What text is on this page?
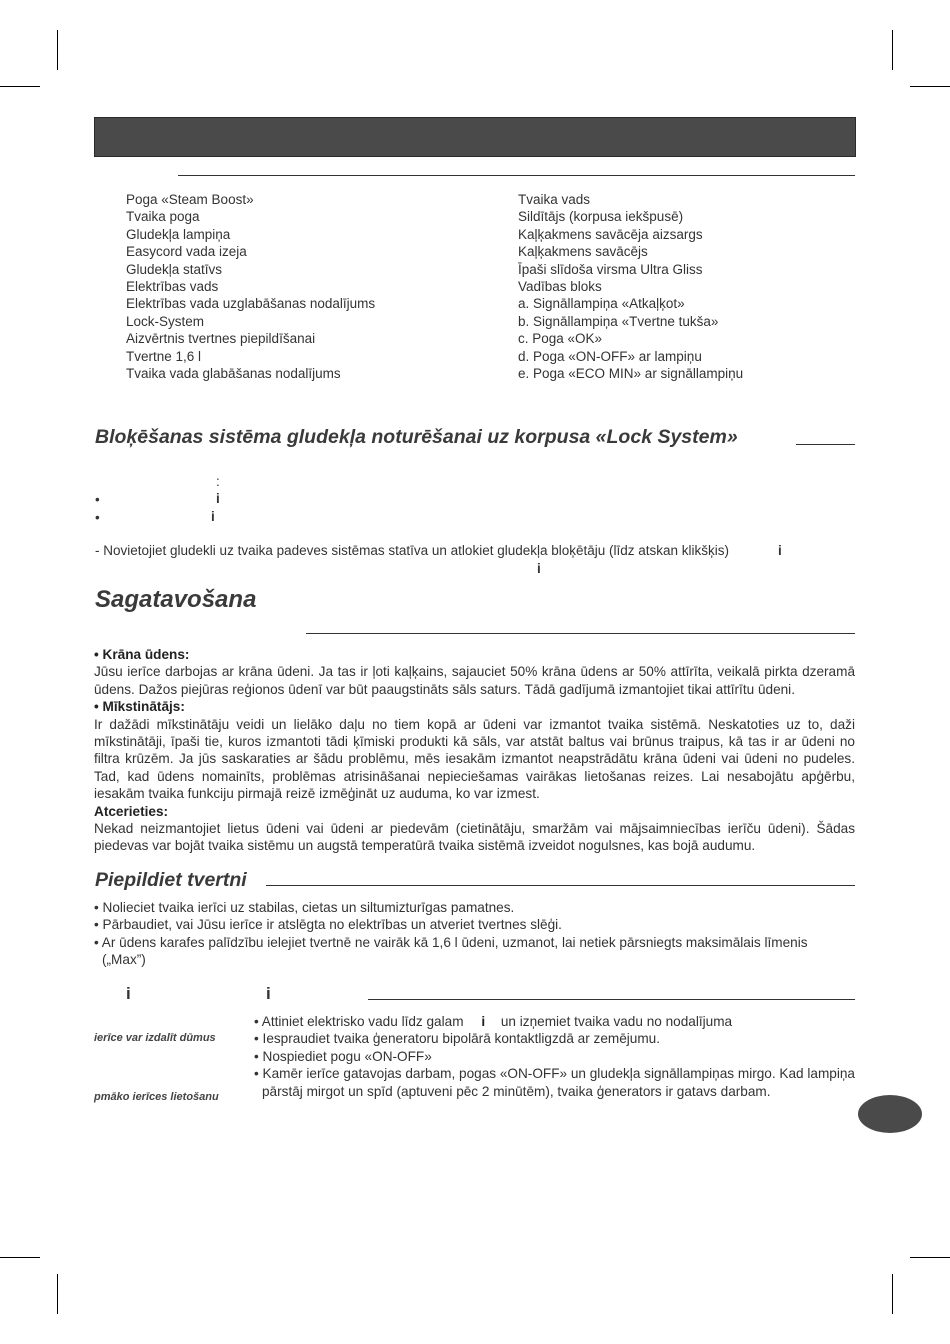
Poga «Steam Boost»
Tvaika poga
Gludekļa lampiņa
Easycord vada izeja
Gludekļa statīvs
Elektrības vads
Elektrības vada uzglabāšanas nodalījums
Lock-System
Aizvērtnis tvertnes piepildīšanai
Tvertne 1,6 l
Tvaika vada glabāšanas nodalījums
Tvaika vads
Sildītājs (korpusa iekšpusē)
Kaļķakmens savācēja aizsargs
Kaļķakmens savācējs
Īpaši slīdoša virsma Ultra Gliss
Vadības bloks
a. Signāllampiņa «Atkaļķot»
b. Signāllampiņa «Tvertne tukša»
c. Poga «OK»
d. Poga «ON-OFF» ar lampiņu
e. Poga «ECO MIN» ar signāllampiņu
Bloķēšanas sistēma gludekļa noturēšanai uz korpusa «Lock System»
:
•	i
•	i
- Novietojiet gludekli uz tvaika padeves sistēmas statīva un atlokiet gludekļa bloķētāju (līdz atskan klikšķis)	i
i
Sagatavošana
• Krāna ūdens:
Jūsu ierīce darbojas ar krāna ūdeni. Ja tas ir ļoti kaļķains, sajauciet 50% krāna ūdens ar 50% attīrīta, veikalā pirkta dzeramā ūdens. Dažos piejūras reģionos ūdenī var būt paaugstināts sāls saturs. Tādā gadījumā izmantojiet tikai attīrītu ūdeni.
• Mīkstinātājs:
Ir dažādi mīkstinātāju veidi un lielāko daļu no tiem kopā ar ūdeni var izmantot tvaika sistēmā. Neskatoties uz to, daži mīkstinātāji, īpaši tie, kuros izmantoti tādi ķīmiski produkti kā sāls, var atstāt baltus vai brūnus traipus, kā tas ir ar ūdeni no filtra krūzēm. Ja jūs saskaraties ar šādu problēmu, mēs iesakām izmantot neapstrādātu krāna ūdeni vai ūdeni no pudeles. Tad, kad ūdens nomainīts, problēmas atrisināšanai nepieciešamas vairākas lietošanas reizes. Lai nesabojātu apģērbu, iesakām tvaika funkciju pirmajā reizē izmēģināt uz auduma, ko var izmest.
Atcerieties:
Nekad neizmantojiet lietus ūdeni vai ūdeni ar piedevām (cietinātāju, smaržām vai mājsaimniecības ierīču ūdeni). Šādas piedevas var bojāt tvaika sistēmu un augstā temperatūrā tvaika sistēmā izveidot nogulsnes, kas bojā audumu.
Piepildiet tvertni
• Nolieciet tvaika ierīci uz stabilas, cietas un siltumizturīgas pamatnes.
• Pārbaudiet, vai Jūsu ierīce ir atslēgta no elektrības un atveriet tvertnes slēģi.
• Ar ūdens karafes palīdzību ielejiet tvertnē ne vairāk kā 1,6 l ūdeni, uzmanot, lai netiek pārsniegts maksimālais līmenis
(„Max”)
i	i
ierīce var izdalīt dūmus
pmāko ierīces lietošanu
• Attiniet elektrisko vadu līdz galam i un izņemiet tvaika vadu no nodalījuma
• Iespraudiet tvaika ģeneratoru bipolārā kontaktligzdā ar zemējumu.
• Nospiediet pogu «ON-OFF»
• Kamēr ierīce gatavojas darbam, pogas «ON-OFF» un gludekļa signāllampiņas mirgo. Kad lampiņa pārstāj mirgot un spīd (aptuveni pēc 2 minūtēm), tvaika ģenerators ir gatavs darbam.
